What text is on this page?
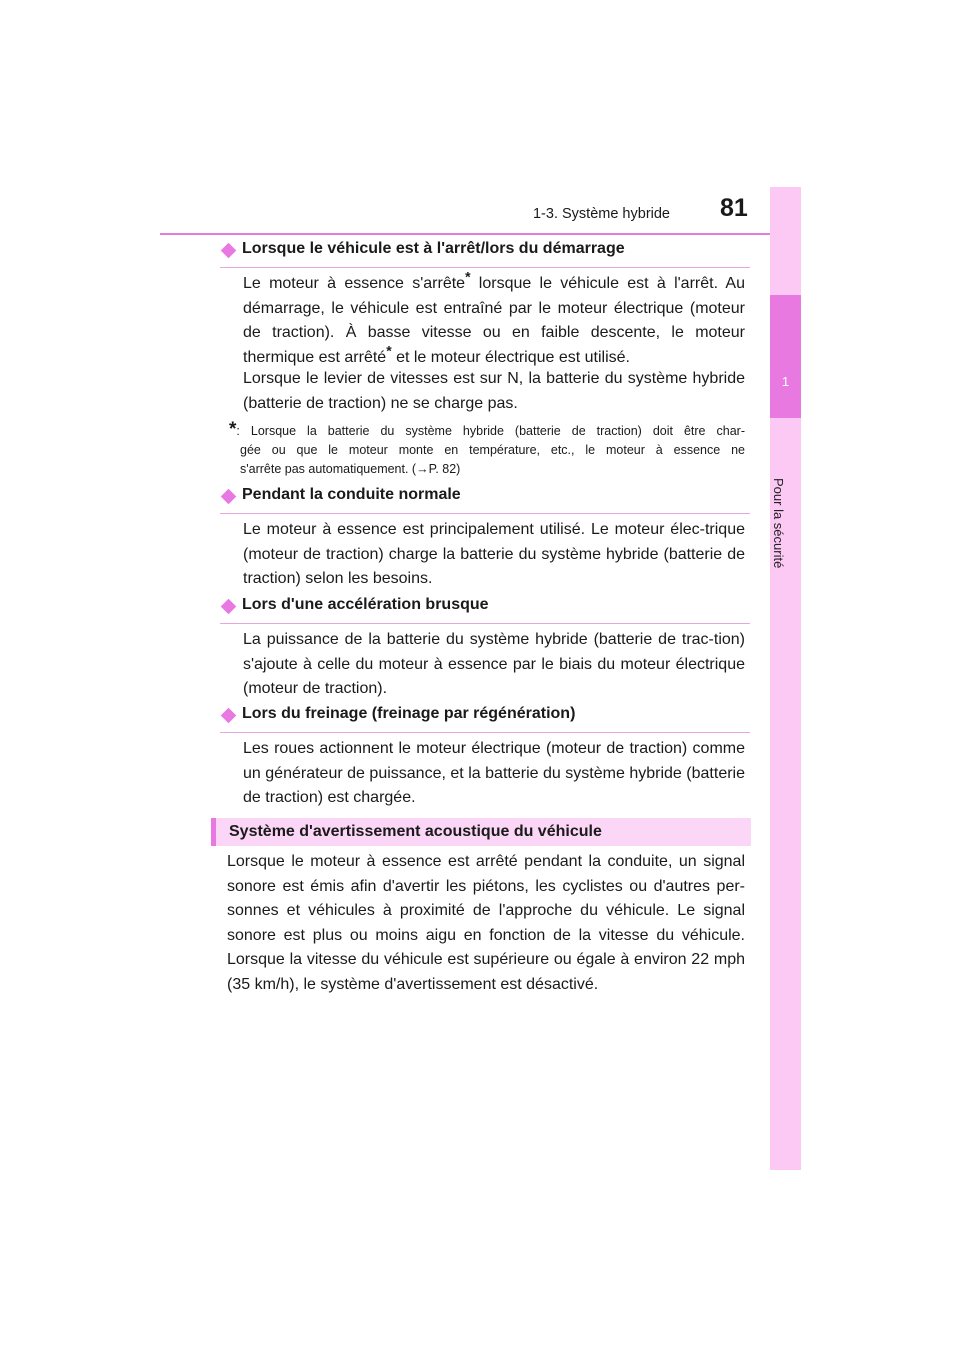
1-3. Système hybride 81
1
Pour la sécurité
Lorsque le véhicule est à l'arrêt/lors du démarrage
Le moteur à essence s'arrête* lorsque le véhicule est à l'arrêt. Au démarrage, le véhicule est entraîné par le moteur électrique (moteur de traction). À basse vitesse ou en faible descente, le moteur thermique est arrêté* et le moteur électrique est utilisé.
Lorsque le levier de vitesses est sur N, la batterie du système hybride (batterie de traction) ne se charge pas.
*: Lorsque la batterie du système hybride (batterie de traction) doit être char-
gée ou que le moteur monte en température, etc., le moteur à essence ne
s'arrête pas automatiquement. (→P. 82)
Pendant la conduite normale
Le moteur à essence est principalement utilisé. Le moteur élec-trique (moteur de traction) charge la batterie du système hybride (batterie de traction) selon les besoins.
Lors d'une accélération brusque
La puissance de la batterie du système hybride (batterie de trac-tion) s'ajoute à celle du moteur à essence par le biais du moteur électrique (moteur de traction).
Lors du freinage (freinage par régénération)
Les roues actionnent le moteur électrique (moteur de traction) comme un générateur de puissance, et la batterie du système hybride (batterie de traction) est chargée.
Système d'avertissement acoustique du véhicule
Lorsque le moteur à essence est arrêté pendant la conduite, un signal sonore est émis afin d'avertir les piétons, les cyclistes ou d'autres per-sonnes et véhicules à proximité de l'approche du véhicule. Le signal sonore est plus ou moins aigu en fonction de la vitesse du véhicule. Lorsque la vitesse du véhicule est supérieure ou égale à environ 22 mph (35 km/h), le système d'avertissement est désactivé.
